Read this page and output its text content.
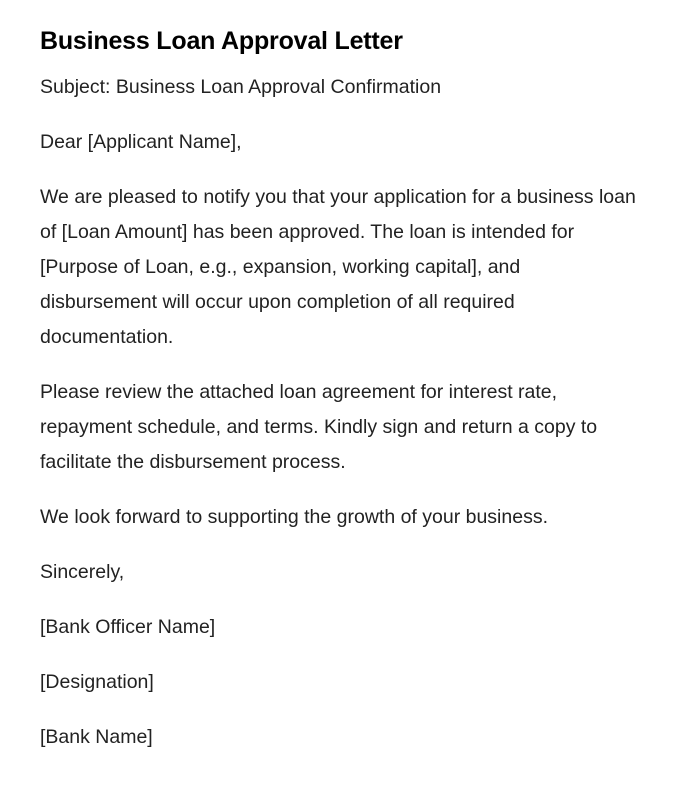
Business Loan Approval Letter

Subject: Business Loan Approval Confirmation

Dear [Applicant Name],

We are pleased to notify you that your application for a business loan of [Loan Amount] has been approved. The loan is intended for [Purpose of Loan, e.g., expansion, working capital], and disbursement will occur upon completion of all required documentation.

Please review the attached loan agreement for interest rate, repayment schedule, and terms. Kindly sign and return a copy to facilitate the disbursement process.

We look forward to supporting the growth of your business.

Sincerely,

[Bank Officer Name]

[Designation]

[Bank Name]
